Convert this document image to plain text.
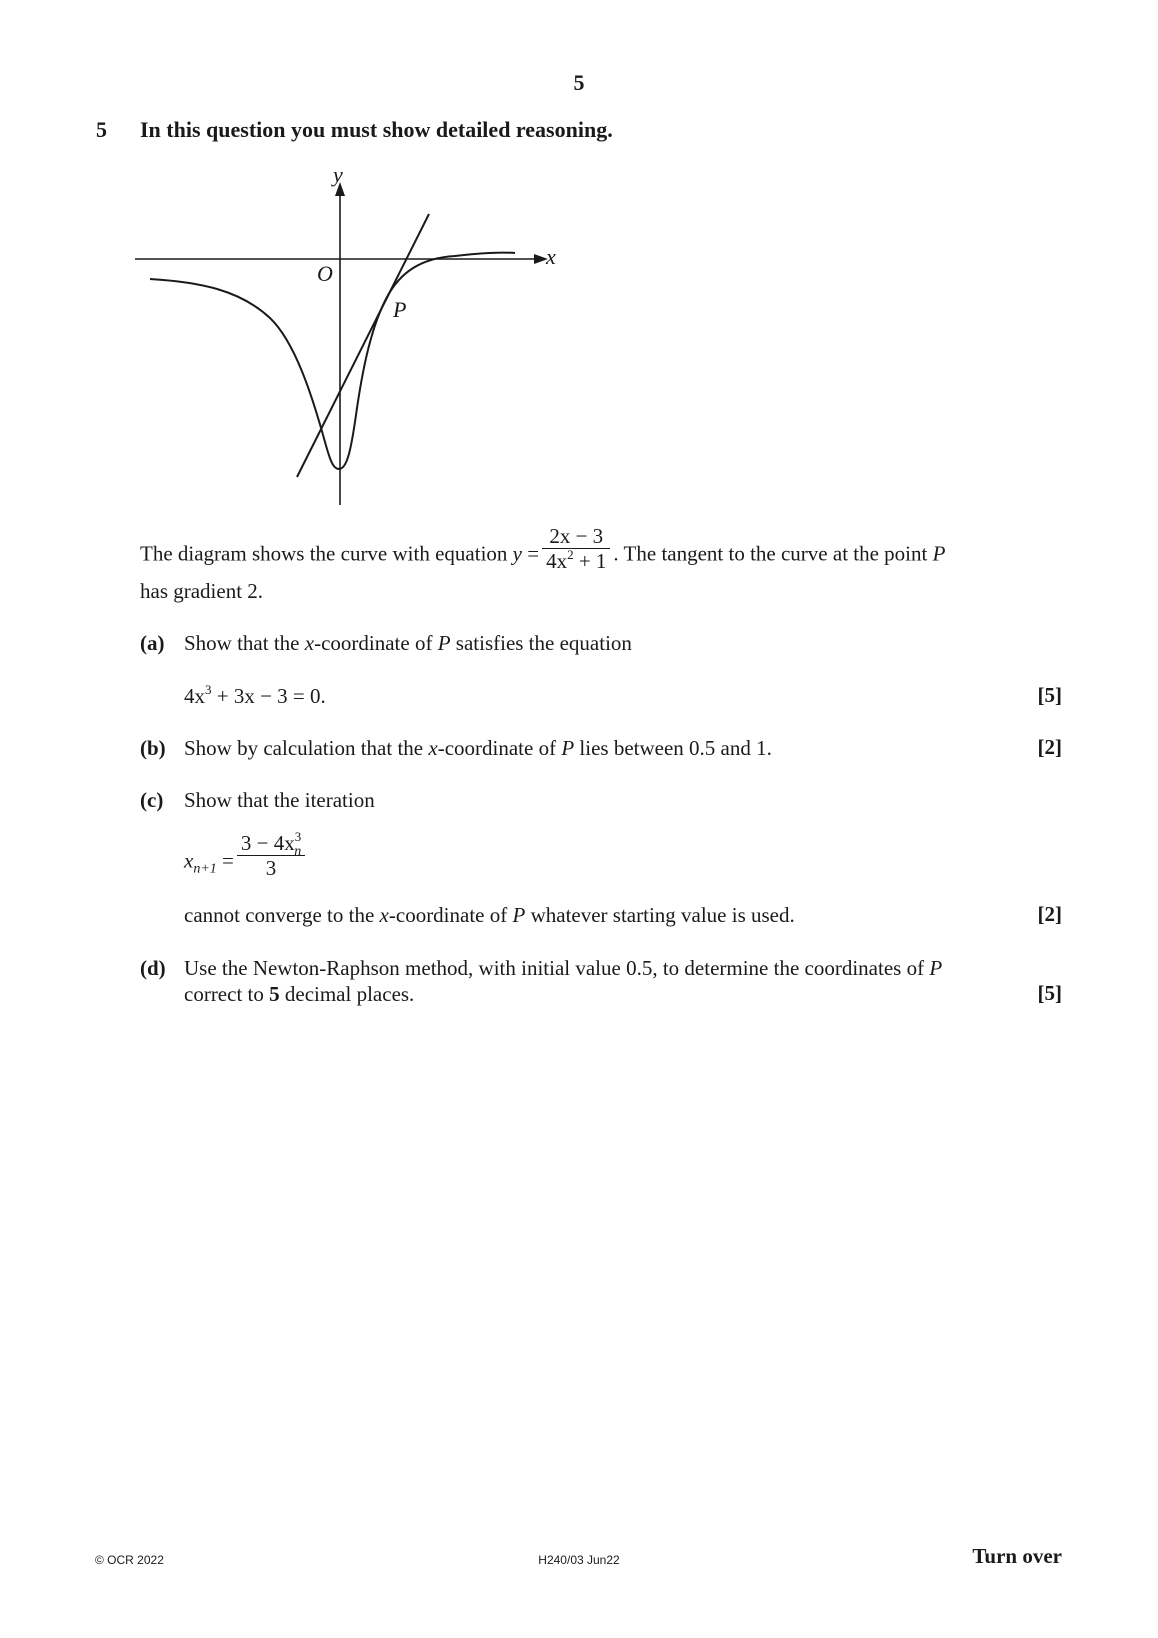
5
5 In this question you must show detailed reasoning.
y
x
O
P
The diagram shows the curve with equation $y = \frac{2x - 3}{4x^2 + 1}$ . The tangent to the curve at the point P
has gradient 2.
(a) Show that the x-coordinate of P satisfies the equation
$4x^3 + 3x - 3 = 0$.	[5]
(b) Show by calculation that the x-coordinate of P lies between 0.5 and 1.	[2]
(c) Show that the iteration
$x_{n+1} = \frac{3 - 4x^3_n}{3}$
cannot converge to the x-coordinate of P whatever starting value is used.	[2]
(d) Use the Newton-Raphson method, with initial value 0.5, to determine the coordinates of P
correct to 5 decimal places.	[5]
© OCR 2022	H240/03 Jun22	Turn over
